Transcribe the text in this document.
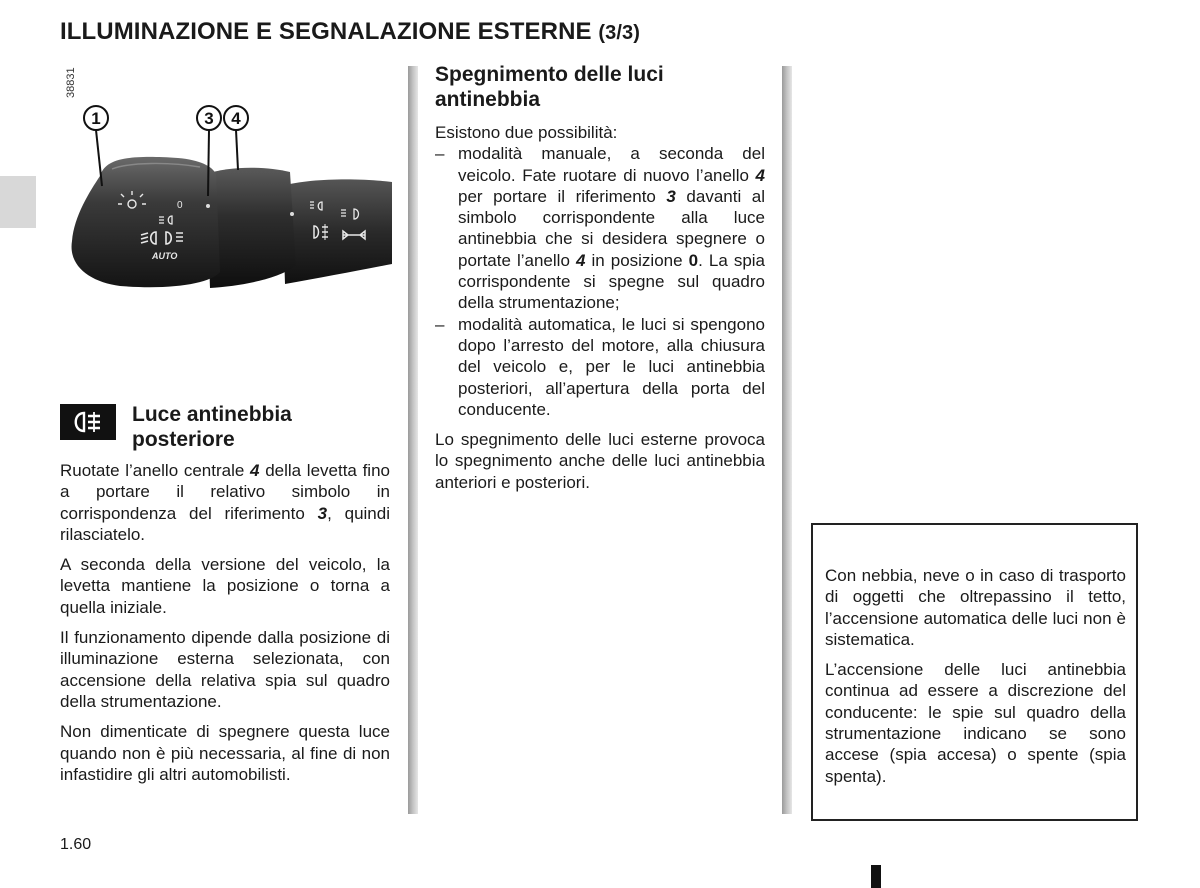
ILLUMINAZIONE E SEGNALAZIONE ESTERNE (3/3)
38831
0
AUTO
1	3 4
Luce antinebbia posteriore

Ruotate l’anello centrale 4 della levetta fino a portare il relativo simbolo in corrispondenza del riferimento 3, quindi rilasciatelo.

A seconda della versione del veicolo, la levetta mantiene la posizione o torna a quella iniziale.

Il funzionamento dipende dalla posizione di illuminazione esterna selezionata, con accensione della relativa spia sul quadro della strumentazione.

Non dimenticate di spegnere questa luce quando non è più necessaria, al fine di non infastidire gli altri automobilisti.

Spegnimento delle luci antinebbia

Esistono due possibilità:

– modalità manuale, a seconda del veicolo. Fate ruotare di nuovo l’anello 4 per portare il riferimento 3 davanti al simbolo corrispondente alla luce antinebbia che si desidera spegnere o portate l’anello 4 in posizione 0. La spia corrispondente si spegne sul quadro della strumentazione;
– modalità automatica, le luci si spengono dopo l’arresto del motore, alla chiusura del veicolo e, per le luci antinebbia posteriori, all’apertura della porta del conducente.

Lo spegnimento delle luci esterne provoca lo spegnimento anche delle luci antinebbia anteriori e posteriori.

Con nebbia, neve o in caso di trasporto di oggetti che oltrepassino il tetto, l’accensione automatica delle luci non è sistematica.

L’accensione delle luci antinebbia continua ad essere a discrezione del conducente: le spie sul quadro della strumentazione indicano se sono accese (spia accesa) o spente (spia spenta).

1.60
